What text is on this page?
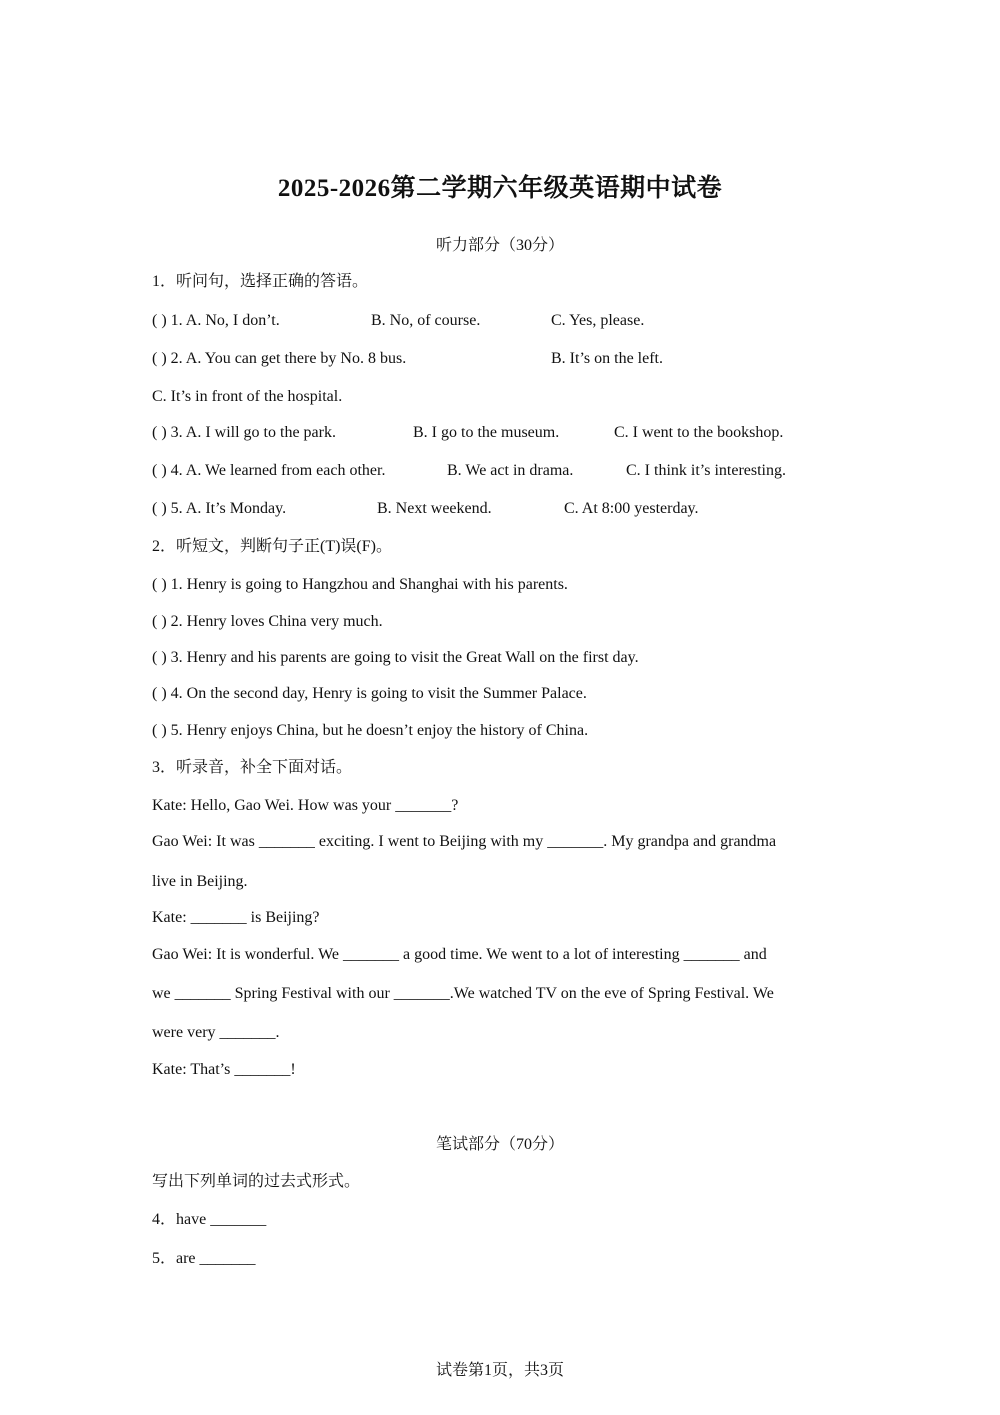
2025-2026第二学期六年级英语期中试卷
听力部分（30分）
1．听问句，选择正确的答语。
( ) 1. A. No, I don’t.	B. No, of course.	C. Yes, please.
( ) 2. A. You can get there by No. 8 bus.	B. It’s on the left.
C. It’s in front of the hospital.
( ) 3. A. I will go to the park.	B. I go to the museum.	C. I went to the bookshop.
( ) 4. A. We learned from each other.	B. We act in drama.	C. I think it’s interesting.
( ) 5. A. It’s Monday.	B. Next weekend.	C. At 8:00 yesterday.
2．听短文，判断句子正(T)误(F)。
( ) 1. Henry is going to Hangzhou and Shanghai with his parents.
( ) 2. Henry loves China very much.
( ) 3. Henry and his parents are going to visit the Great Wall on the first day.
( ) 4. On the second day, Henry is going to visit the Summer Palace.
( ) 5. Henry enjoys China, but he doesn’t enjoy the history of China.
3．听录音，补全下面对话。
Kate: Hello, Gao Wei. How was your _______?
Gao Wei: It was _______ exciting. I went to Beijing with my _______. My grandpa and grandma
live in Beijing.
Kate: _______ is Beijing?
Gao Wei: It is wonderful. We _______ a good time. We went to a lot of interesting _______ and
we _______ Spring Festival with our _______.We watched TV on the eve of Spring Festival. We
were very _______.
Kate: That’s _______!
笔试部分（70分）
写出下列单词的过去式形式。
4．have _______
5．are _______
试卷第1页，共3页
